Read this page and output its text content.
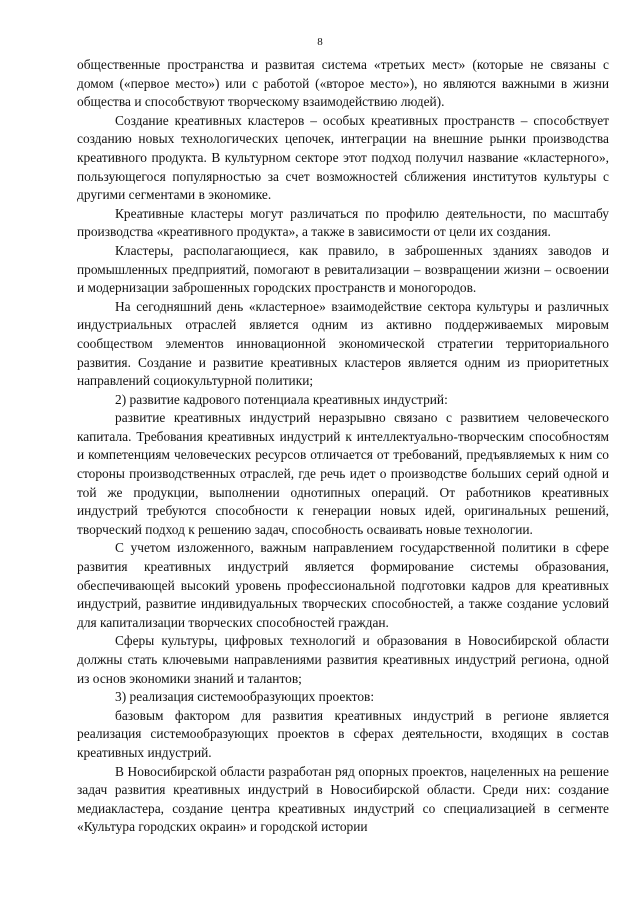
8

общественные пространства и развитая система «третьих мест» (которые не связаны с домом («первое место») или с работой («второе место»), но являются важными в жизни общества и способствуют творческому взаимодействию людей).

Создание креативных кластеров – особых креативных пространств – способствует созданию новых технологических цепочек, интеграции на внешние рынки производства креативного продукта. В культурном секторе этот подход получил название «кластерного», пользующегося популярностью за счет возможностей сближения институтов культуры с другими сегментами в экономике.

Креативные кластеры могут различаться по профилю деятельности, по масштабу производства «креативного продукта», а также в зависимости от цели их создания.

Кластеры, располагающиеся, как правило, в заброшенных зданиях заводов и промышленных предприятий, помогают в ревитализации – возвращении жизни – освоении и модернизации заброшенных городских пространств и моногородов.

На сегодняшний день «кластерное» взаимодействие сектора культуры и различных индустриальных отраслей является одним из активно поддерживаемых мировым сообществом элементов инновационной экономической стратегии территориального развития. Создание и развитие креативных кластеров является одним из приоритетных направлений социокультурной политики;

2) развитие кадрового потенциала креативных индустрий:

развитие креативных индустрий неразрывно связано с развитием человеческого капитала. Требования креативных индустрий к интеллектуально-творческим способностям и компетенциям человеческих ресурсов отличается от требований, предъявляемых к ним со стороны производственных отраслей, где речь идет о производстве больших серий одной и той же продукции, выполнении однотипных операций. От работников креативных индустрий требуются способности к генерации новых идей, оригинальных решений, творческий подход к решению задач, способность осваивать новые технологии.

С учетом изложенного, важным направлением государственной политики в сфере развития креативных индустрий является формирование системы образования, обеспечивающей высокий уровень профессиональной подготовки кадров для креативных индустрий, развитие индивидуальных творческих способностей, а также создание условий для капитализации творческих способностей граждан.

Сферы культуры, цифровых технологий и образования в Новосибирской области должны стать ключевыми направлениями развития креативных индустрий региона, одной из основ экономики знаний и талантов;

3) реализация системообразующих проектов:

базовым фактором для развития креативных индустрий в регионе является реализация системообразующих проектов в сферах деятельности, входящих в состав креативных индустрий.

В Новосибирской области разработан ряд опорных проектов, нацеленных на решение задач развития креативных индустрий в Новосибирской области. Среди них: создание медиакластера, создание центра креативных индустрий со специализацией в сегменте «Культура городских окраин» и городской истории
